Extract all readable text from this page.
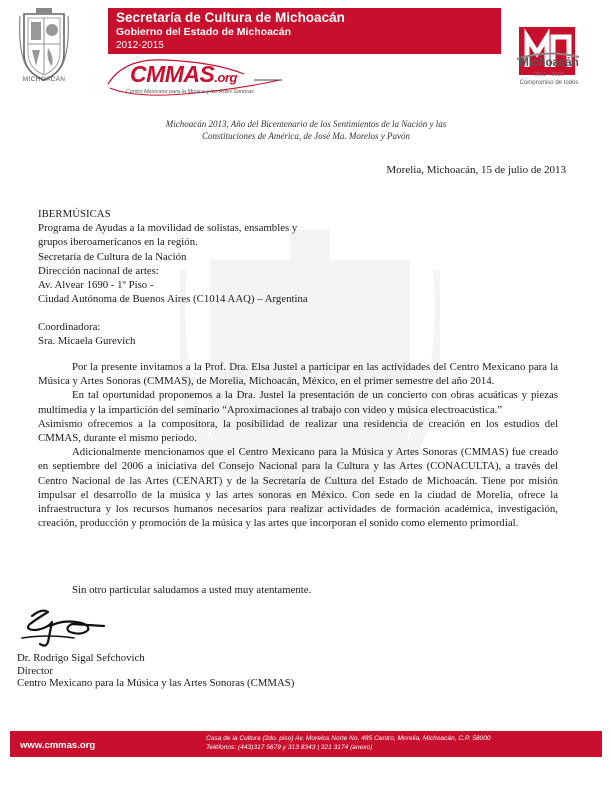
MICHOACÁN
Secretaría de Cultura de Michoacán
Gobierno del Estado de Michoacán
2012-2015
CMMAS.org
Centro Mexicano para la Música y las Artes Sonoras
Michoacán
2012 - 2015
Compromiso de todos
Michoacán 2013, Año del Bicentenario de los Sentimientos de la Nación y las
Constituciones de América, de José Ma. Morelos y Pavón
Morelia, Michoacán, 15 de julio de 2013
IBERMÚSICAS
Programa de Ayudas a la movilidad de solistas, ensambles y
grupos iberoamericanos en la región.
Secretaría de Cultura de la Nación
Dirección nacional de artes:
Av. Alvear 1690 - 1º Piso -
Ciudad Autónoma de Buenos Aires (C1014 AAQ) – Argentina
Coordinadora:
Sra. Micaela Gurevich

Por la presente invitamos a la Prof. Dra. Elsa Justel a participar en las actividades del Centro Mexicano para la Música y Artes Sonoras (CMMAS), de Morelia, Michoacán, México, en el primer semestre del año 2014.

En tal oportunidad proponemos a la Dra. Justel la presentación de un concierto con obras acuáticas y piezas multimedia y la impartición del seminario “Aproximaciones al trabajo con video y música electroacústica.”

Asimismo ofrecemos a la compositora, la posibilidad de realizar una residencia de creación en los estudios del CMMAS, durante el mismo período.

Adicionalmente mencionamos que el Centro Mexicano para la Música y Artes Sonoras (CMMAS) fue creado en septiembre del 2006 a iniciativa del Consejo Nacional para la Cultura y las Artes (CONACULTA), a través del Centro Nacional de las Artes (CENART) y de la Secretaría de Cultura del Estado de Michoacán. Tiene por misión impulsar el desarrollo de la música y las artes sonoras en México. Con sede en la ciudad de Morelia, ofrece la infraestructura y los recursos humanos necesarios para realizar actividades de formación académica, investigación, creación, producción y promoción de la música y las artes que incorporan el sonido como elemento primordial.

Sin otro particular saludamos a usted muy atentamente.
Dr. Rodrigo Sigal Sefchovich
Director
Centro Mexicano para la Música y las Artes Sonoras (CMMAS)
www.cmmas.org
Casa de la Cultura (2do. piso) Av. Morelos Norte No. 485 Centro, Morelia, Michoacán, C.P. 58000
Teléfonos: (443)317 5679 y 313 8343 | 321 3174 (anexo)
